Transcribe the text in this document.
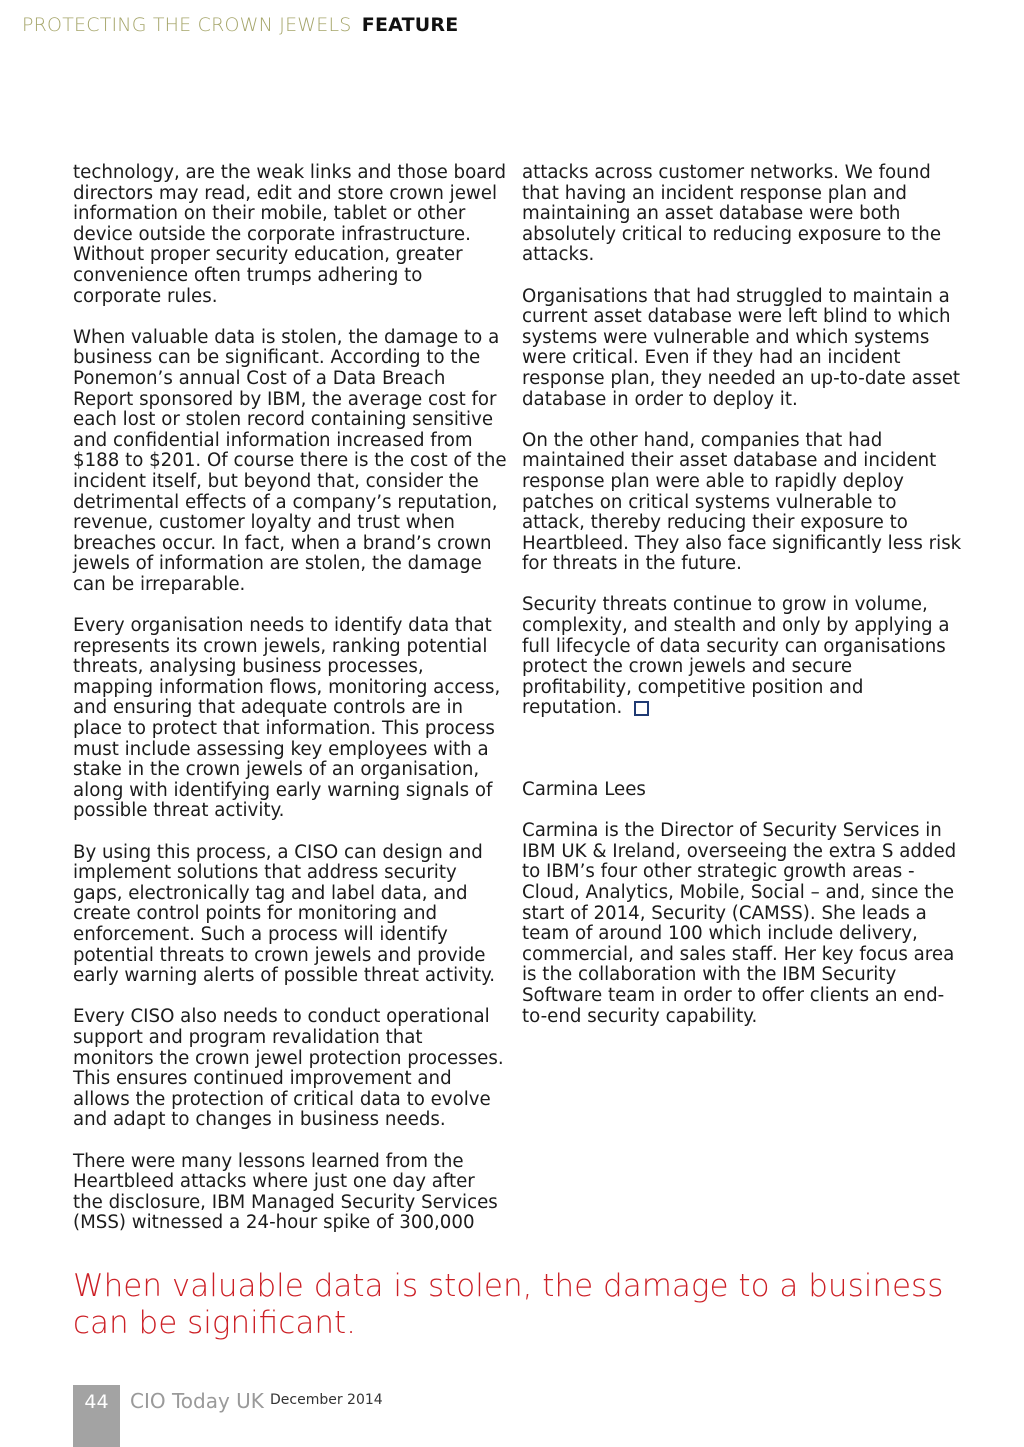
PROTECTING THE CROWN JEWELS FEATURE

technology, are the weak links and those board directors may read, edit and store crown jewel information on their mobile, tablet or other device outside the corporate infrastructure. Without proper security education, greater convenience often trumps adhering to corporate rules.

When valuable data is stolen, the damage to a business can be significant. According to the Ponemon’s annual Cost of a Data Breach Report sponsored by IBM, the average cost for each lost or stolen record containing sensitive and confidential information increased from $188 to $201. Of course there is the cost of the incident itself, but beyond that, consider the detrimental effects of a company’s reputation, revenue, customer loyalty and trust when breaches occur. In fact, when a brand’s crown jewels of information are stolen, the damage can be irreparable.

Every organisation needs to identify data that represents its crown jewels, ranking potential threats, analysing business processes, mapping information flows, monitoring access, and ensuring that adequate controls are in place to protect that information. This process must include assessing key employees with a stake in the crown jewels of an organisation, along with identifying early warning signals of possible threat activity.

By using this process, a CISO can design and implement solutions that address security gaps, electronically tag and label data, and create control points for monitoring and enforcement. Such a process will identify potential threats to crown jewels and provide early warning alerts of possible threat activity.

Every CISO also needs to conduct operational support and program revalidation that monitors the crown jewel protection processes. This ensures continued improvement and allows the protection of critical data to evolve and adapt to changes in business needs.

There were many lessons learned from the Heartbleed attacks where just one day after the disclosure, IBM Managed Security Services (MSS) witnessed a 24-hour spike of 300,000

attacks across customer networks. We found that having an incident response plan and maintaining an asset database were both absolutely critical to reducing exposure to the attacks.

Organisations that had struggled to maintain a current asset database were left blind to which systems were vulnerable and which systems were critical. Even if they had an incident response plan, they needed an up-to-date asset database in order to deploy it.

On the other hand, companies that had maintained their asset database and incident response plan were able to rapidly deploy patches on critical systems vulnerable to attack, thereby reducing their exposure to Heartbleed. They also face significantly less risk for threats in the future.

Security threats continue to grow in volume, complexity, and stealth and only by applying a full lifecycle of data security can organisations protect the crown jewels and secure profitability, competitive position and reputation.

Carmina Lees

Carmina is the Director of Security Services in IBM UK & Ireland, overseeing the extra S added to IBM’s four other strategic growth areas - Cloud, Analytics, Mobile, Social – and, since the start of 2014, Security (CAMSS). She leads a team of around 100 which include delivery, commercial, and sales staff. Her key focus area is the collaboration with the IBM Security Software team in order to offer clients an end-to-end security capability.

When valuable data is stolen, the damage to a business can be significant.
44	CIO Today UK December 2014
